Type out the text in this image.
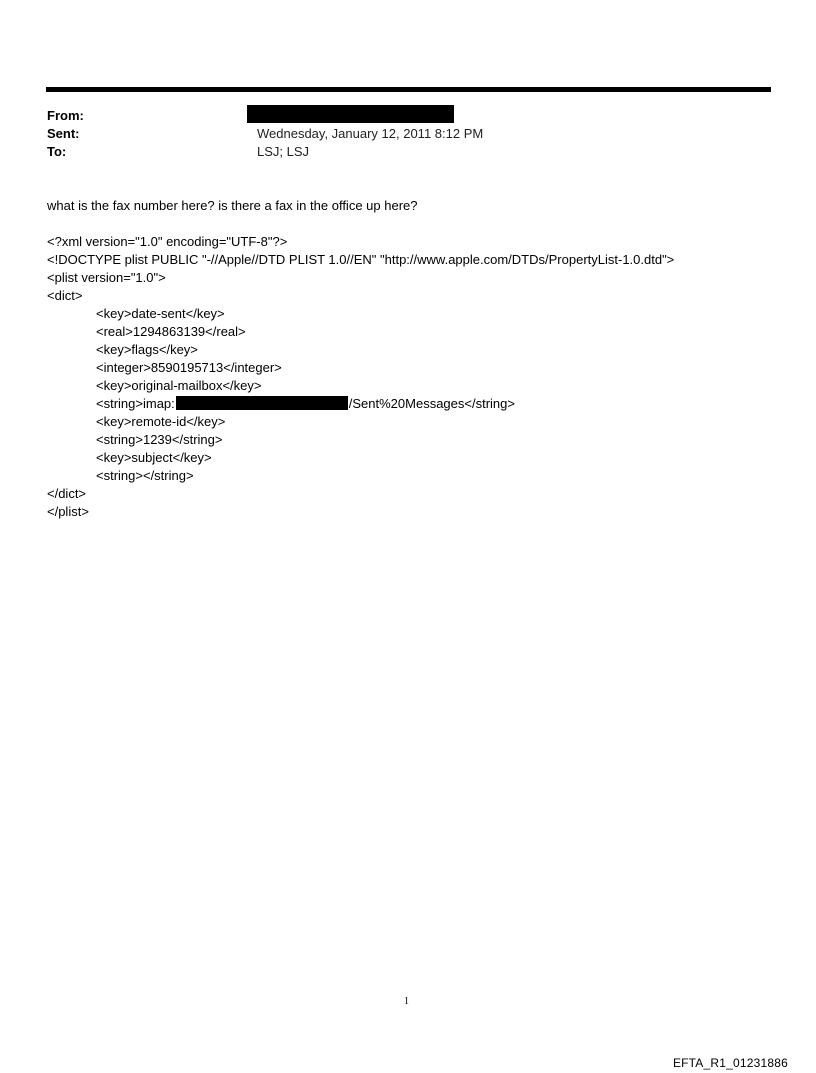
From:
Sent:	Wednesday, January 12, 2011 8:12 PM
To:	LSJ; LSJ
what is the fax number here? is there a fax in the office up here?
<?xml version="1.0" encoding="UTF-8"?>
<!DOCTYPE plist PUBLIC "-//Apple//DTD PLIST 1.0//EN" "http://www.apple.com/DTDs/PropertyList-1.0.dtd">
<plist version="1.0">
<dict>
<key>date-sent</key>
<real>1294863139</real>
<key>flags</key>
<integer>8590195713</integer>
<key>original-mailbox</key>
<string>imap:	/Sent%20Messages</string>
<key>remote-id</key>
<string>1239</string>
<key>subject</key>
<string></string>
</dict>
</plist>
1
EFTA_R1_01231886
